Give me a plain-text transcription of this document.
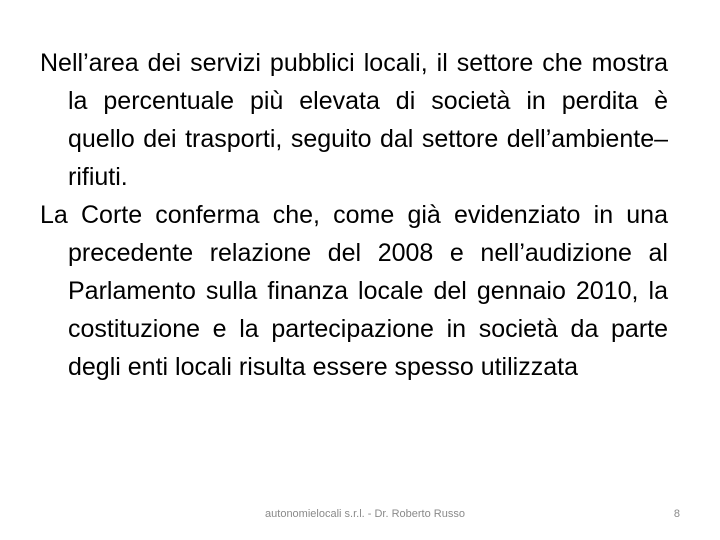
Nell’area dei servizi pubblici locali, il settore che mostra la percentuale più elevata di società in perdita è quello dei trasporti, seguito dal settore dell’ambiente–rifiuti.

La Corte conferma che, come già evidenziato in una precedente relazione del 2008 e nell’audizione al Parlamento sulla finanza locale del gennaio 2010, la costituzione e la partecipazione in società da parte degli enti locali risulta essere spesso utilizzata

autonomielocali s.r.l. - Dr. Roberto Russo	8
